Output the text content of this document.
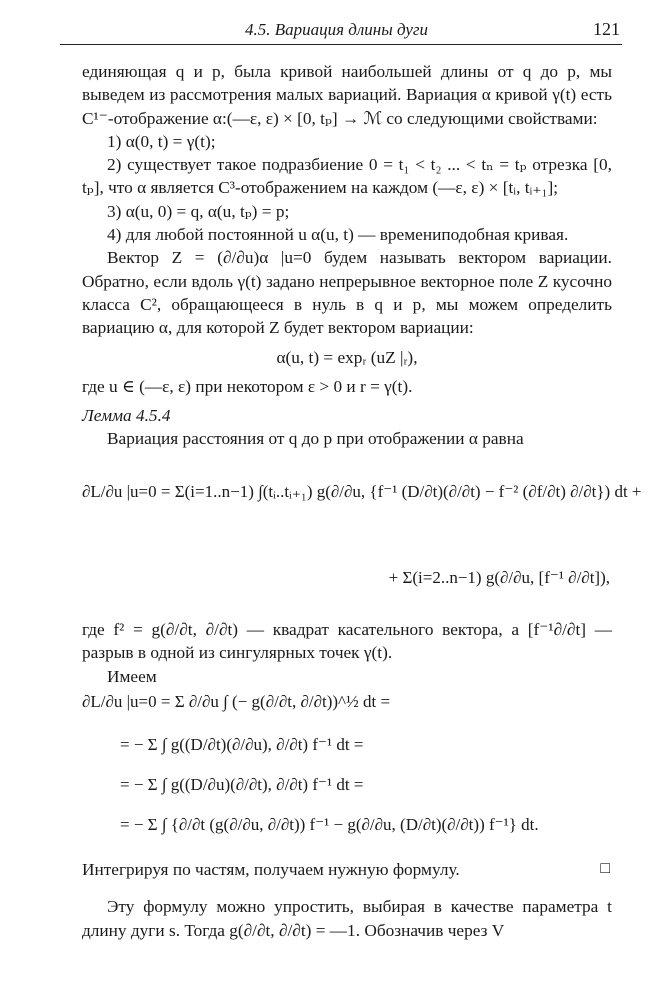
4.5. Вариация длины дуги	121

единяющая q и p, была кривой наибольшей длины от q до p, мы выведем из рассмотрения малых вариаций. Вариация α кривой γ(t) есть C¹⁻-отображение α:(—ε, ε) × [0, tₚ] → ℳ со следующими свойствами:

1) α(0, t) = γ(t);

2) существует такое подразбиение 0 = t₁ < t₂ ... < tₙ = tₚ отрезка [0, tₚ], что α является C³-отображением на каждом (—ε, ε) × [tᵢ, tᵢ₊₁];

3) α(u, 0) = q, α(u, tₚ) = p;

4) для любой постоянной u α(u, t) — времениподобная кривая.

Вектор Z = (∂/∂u)α |u=0 будем называть вектором вариации. Обратно, если вдоль γ(t) задано непрерывное векторное поле Z кусочно класса C², обращающееся в нуль в q и p, мы можем определить вариацию α, для которой Z будет вектором вариации:

α(u, t) = expᵣ (uZ |ᵣ),

где u ∈ (—ε, ε) при некотором ε > 0 и r = γ(t).

Лемма 4.5.4

Вариация расстояния от q до p при отображении α равна

∂L/∂u |u=0 = Σ(i=1..n−1) ∫(tᵢ..tᵢ₊₁) g(∂/∂u, {f⁻¹ (D/∂t)(∂/∂t) − f⁻² (∂f/∂t) ∂/∂t}) dt +
+ Σ(i=2..n−1) g(∂/∂u, [f⁻¹ ∂/∂t]),

где f² = g(∂/∂t, ∂/∂t) — квадрат касательного вектора, а [f⁻¹∂/∂t] — разрыв в одной из сингулярных точек γ(t).

Имеем

∂L/∂u |u=0 = Σ ∂/∂u ∫ (− g(∂/∂t, ∂/∂t))^½ dt =
= − Σ ∫ g((D/∂t)(∂/∂u), ∂/∂t) f⁻¹ dt =
= − Σ ∫ g((D/∂u)(∂/∂t), ∂/∂t) f⁻¹ dt =
= − Σ ∫ {∂/∂t (g(∂/∂u, ∂/∂t)) f⁻¹ − g(∂/∂u, (D/∂t)(∂/∂t)) f⁻¹} dt.

Интегрируя по частям, получаем нужную формулу.

Эту формулу можно упростить, выбирая в качестве параметра t длину дуги s. Тогда g(∂/∂t, ∂/∂t) = —1. Обозначив через V

□
